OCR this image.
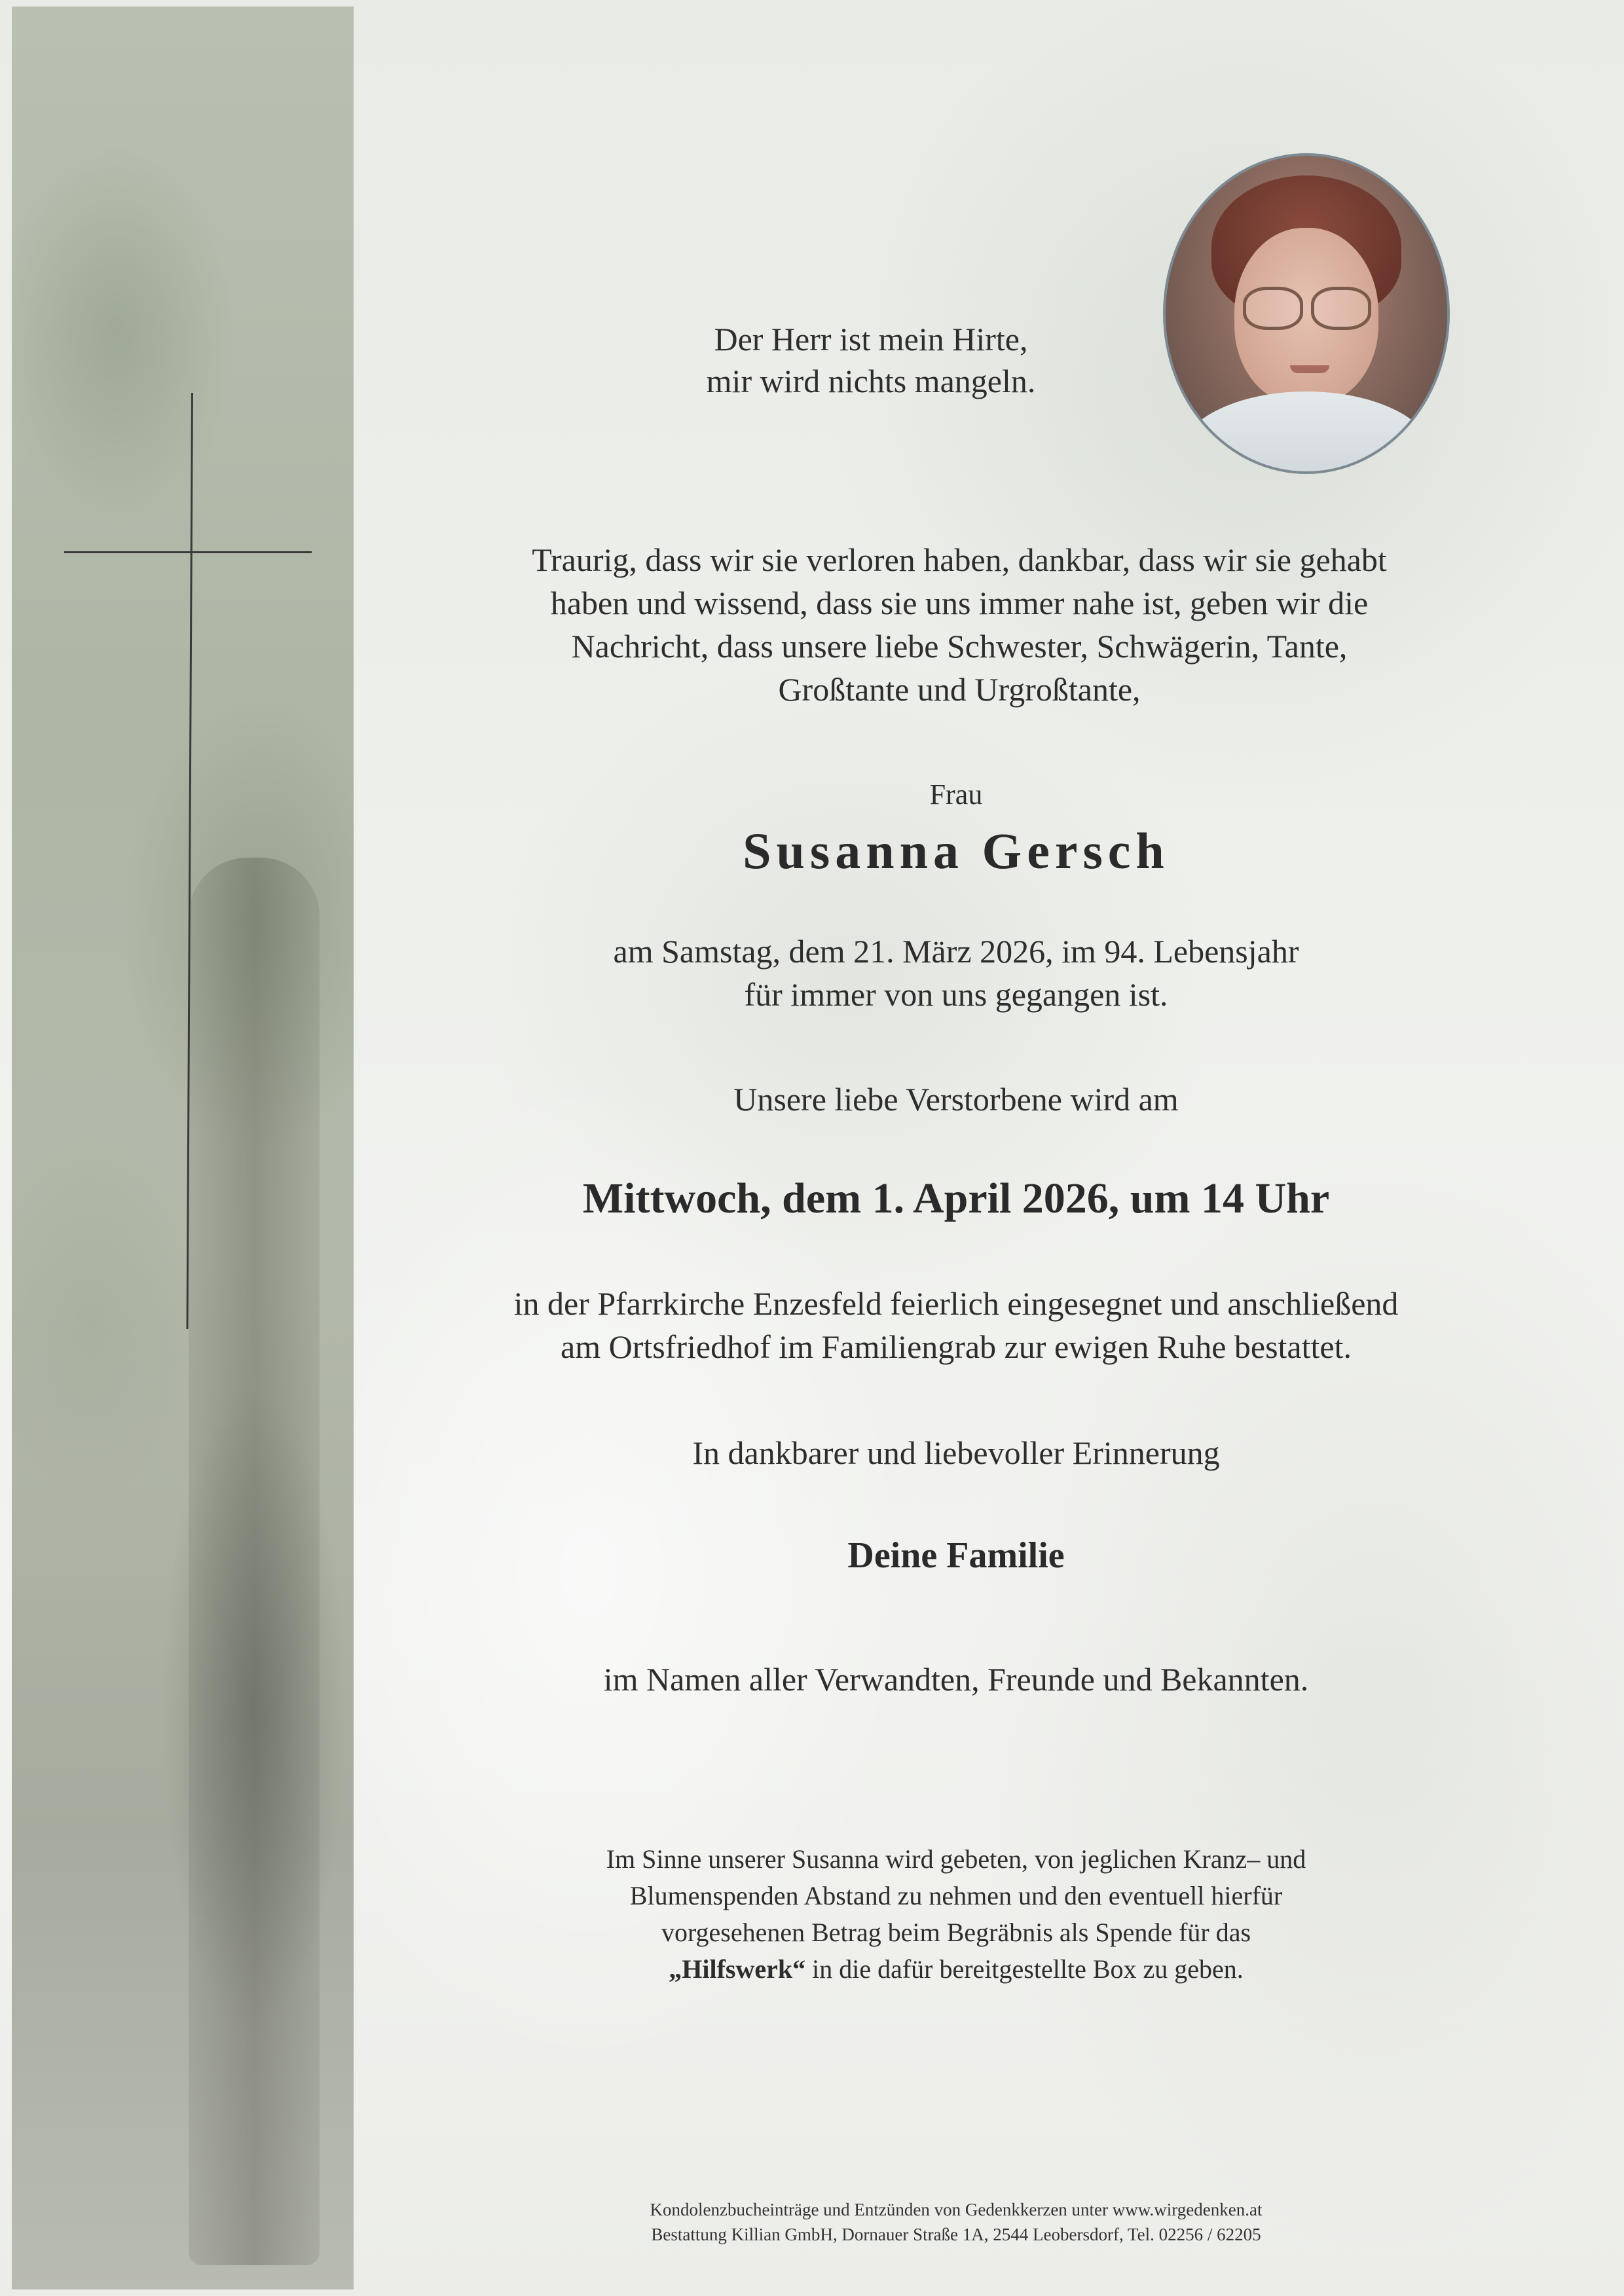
Der Herr ist mein Hirte,
mir wird nichts mangeln.

Traurig, dass wir sie verloren haben, dankbar, dass wir sie gehabt
haben und wissend, dass sie uns immer nahe ist, geben wir die
Nachricht, dass unsere liebe Schwester, Schwägerin, Tante,
Großtante und Urgroßtante,

Frau

Susanna Gersch

am Samstag, dem 21. März 2026, im 94. Lebensjahr
für immer von uns gegangen ist.

Unsere liebe Verstorbene wird am

Mittwoch, dem 1. April 2026, um 14 Uhr

in der Pfarrkirche Enzesfeld feierlich eingesegnet und anschließend
am Ortsfriedhof im Familiengrab zur ewigen Ruhe bestattet.

In dankbarer und liebevoller Erinnerung

Deine Familie

im Namen aller Verwandten, Freunde und Bekannten.

Im Sinne unserer Susanna wird gebeten, von jeglichen Kranz– und
Blumenspenden Abstand zu nehmen und den eventuell hierfür
vorgesehenen Betrag beim Begräbnis als Spende für das
„Hilfswerk“ in die dafür bereitgestellte Box zu geben.

Kondolenzbucheinträge und Entzünden von Gedenkkerzen unter www.wirgedenken.at
Bestattung Killian GmbH, Dornauer Straße 1A, 2544 Leobersdorf, Tel. 02256 / 62205
